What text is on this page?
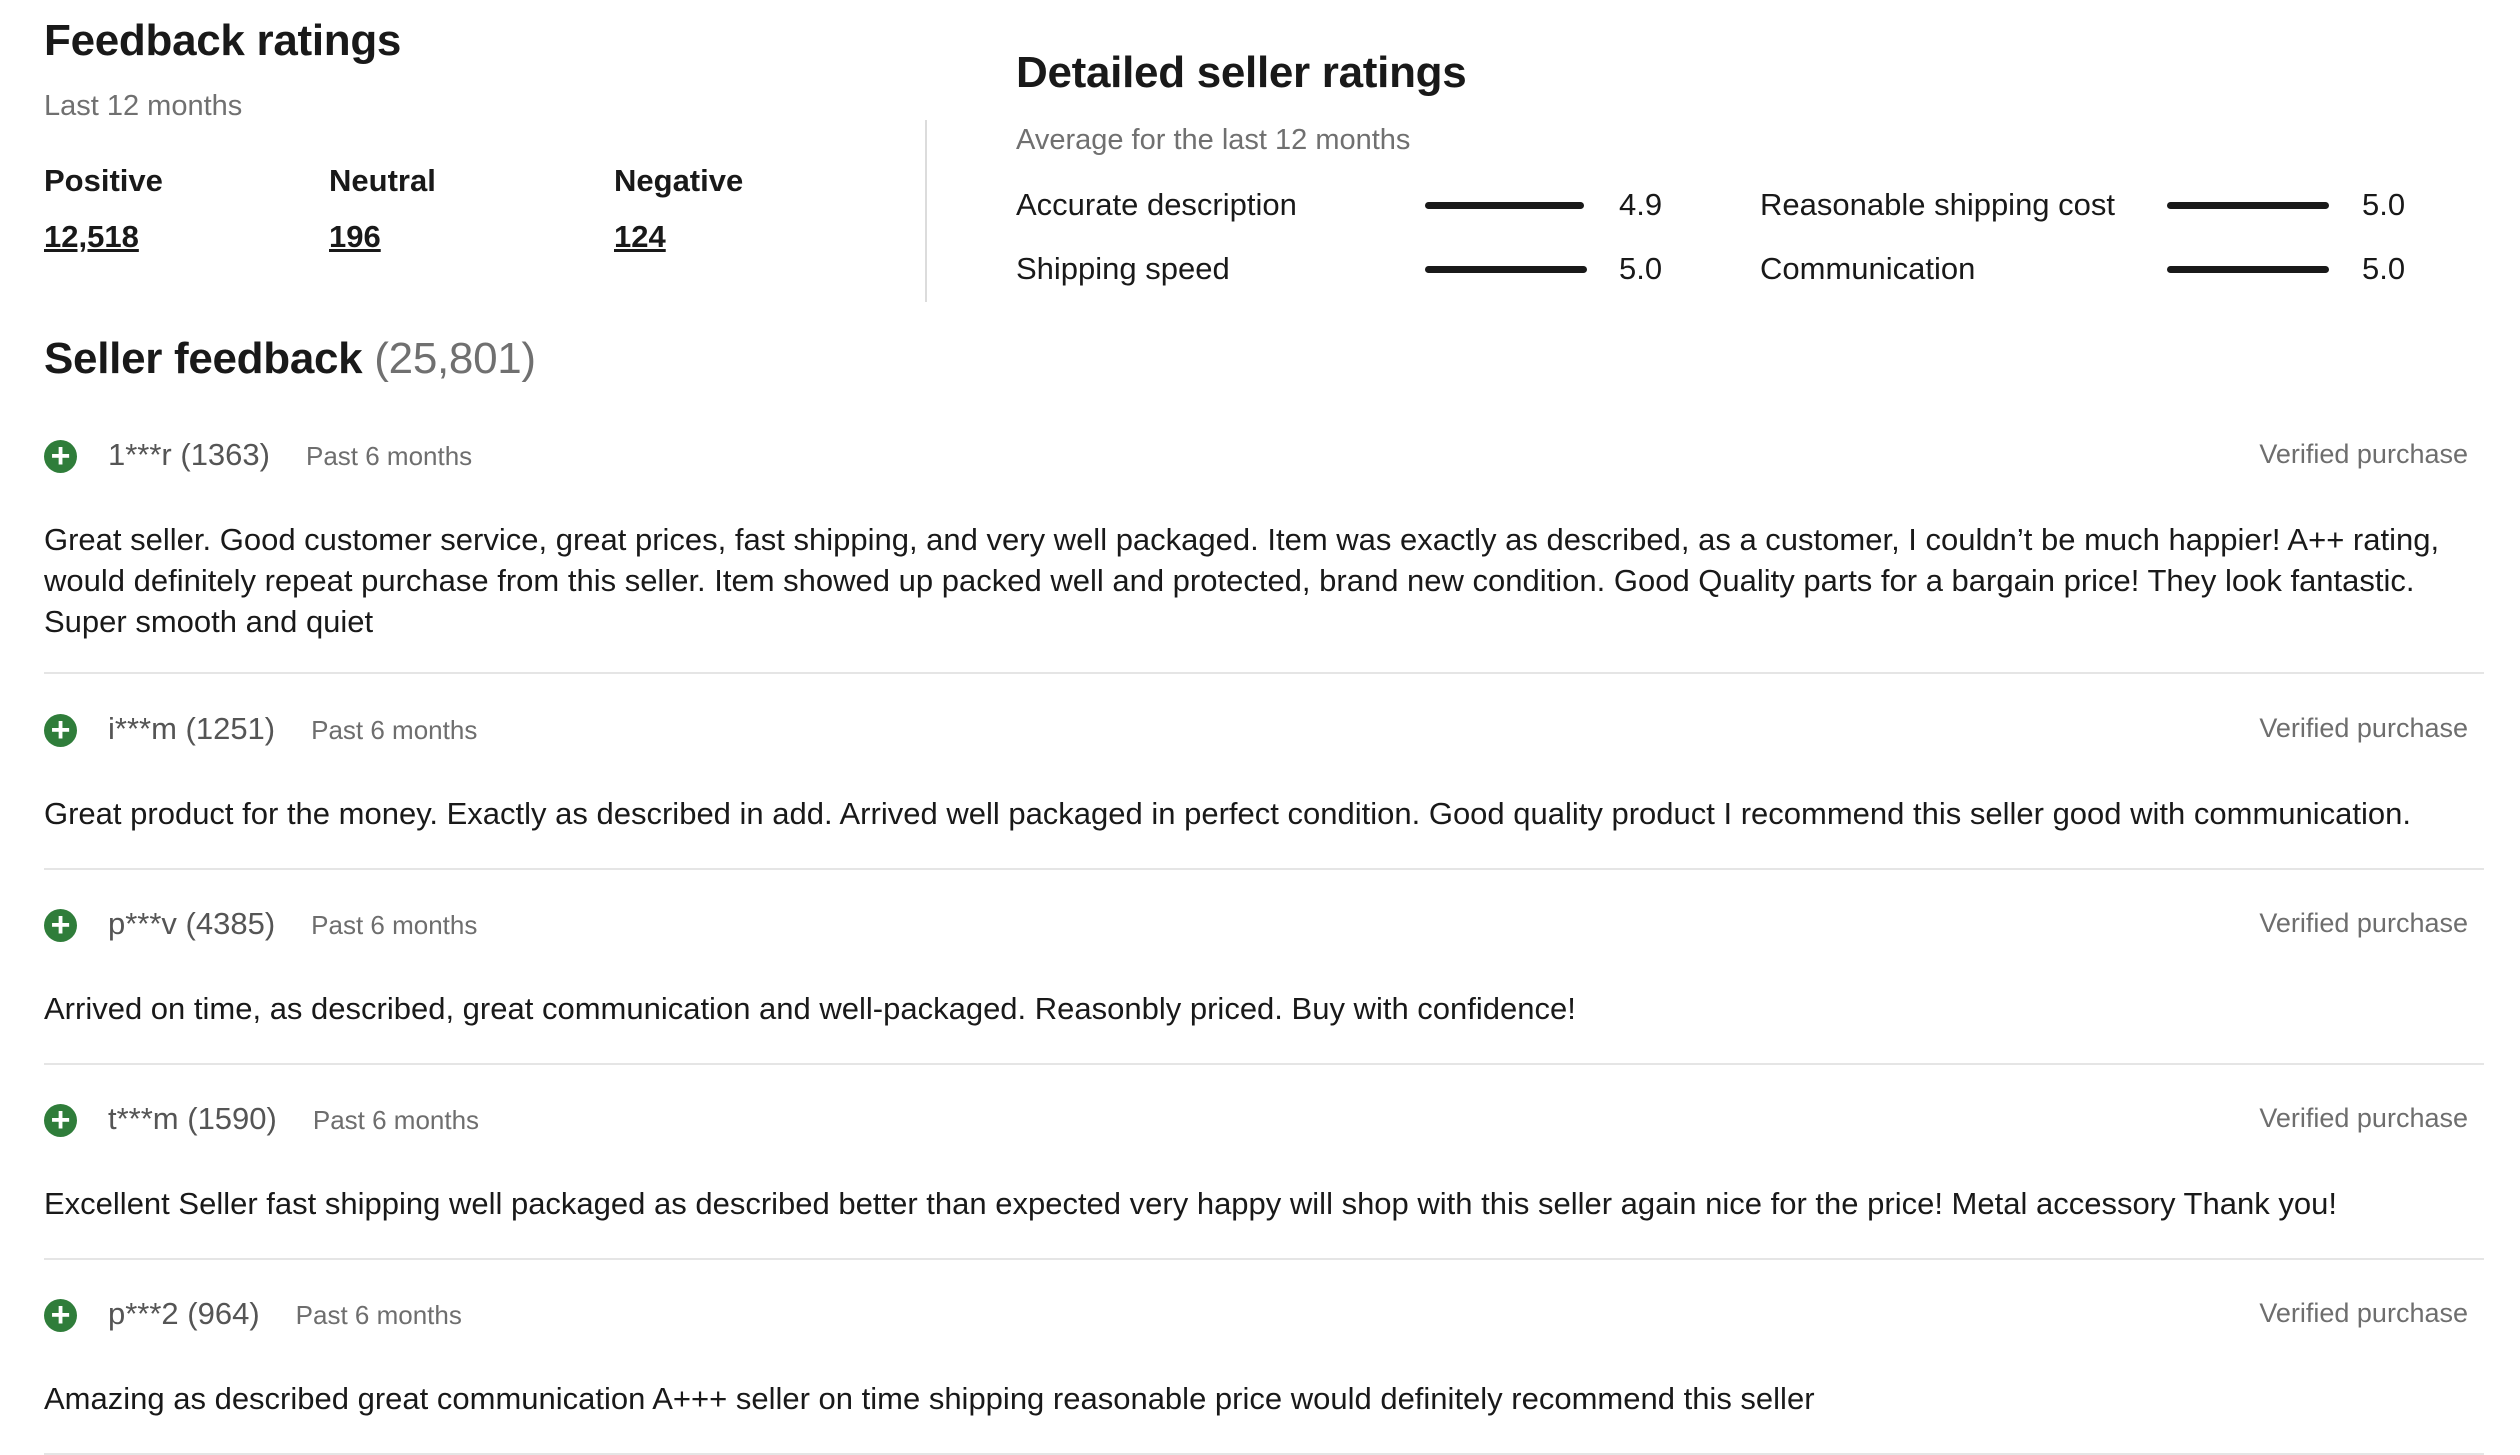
Feedback ratings
Last 12 months
Positive
12,518
Neutral
196
Negative
124
Detailed seller ratings
Average for the last 12 months
Accurate description	4.9	Reasonable shipping cost	5.0
Shipping speed	5.0	Communication	5.0
Seller feedback (25,801)
+ 1***r (1363) Past 6 months	Verified purchase
Great seller. Good customer service, great prices, fast shipping, and very well packaged. Item was exactly as described, as a customer, I couldn’t be much happier! A++ rating, would definitely repeat purchase from this seller. Item showed up packed well and protected, brand new condition. Good Quality parts for a bargain price! They look fantastic. Super smooth and quiet
+ i***m (1251) Past 6 months	Verified purchase
Great product for the money. Exactly as described in add. Arrived well packaged in perfect condition. Good quality product I recommend this seller good with communication.
+ p***v (4385) Past 6 months	Verified purchase
Arrived on time, as described, great communication and well-packaged. Reasonbly priced. Buy with confidence!
+ t***m (1590) Past 6 months	Verified purchase
Excellent Seller fast shipping well packaged as described better than expected very happy will shop with this seller again nice for the price! Metal accessory Thank you!
+ p***2 (964) Past 6 months	Verified purchase
Amazing as described great communication A+++ seller on time shipping reasonable price would definitely recommend this seller
